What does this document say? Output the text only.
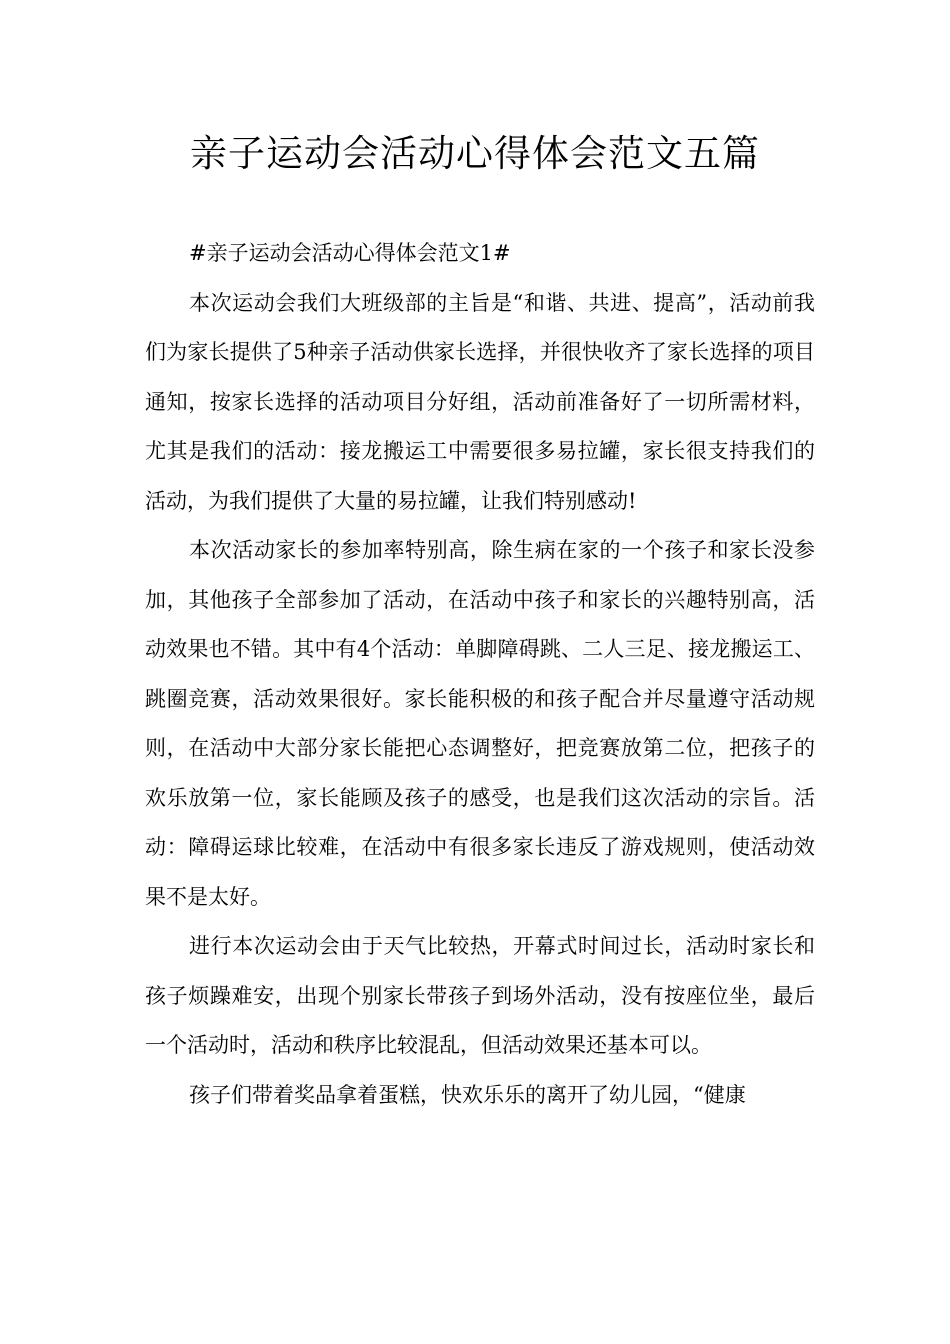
亲子运动会活动心得体会范文五篇

#亲子运动会活动心得体会范文1#

本次运动会我们大班级部的主旨是“和谐、共进、提高”，活动前我们为家长提供了5种亲子活动供家长选择，并很快收齐了家长选择的项目通知，按家长选择的活动项目分好组，活动前准备好了一切所需材料，尤其是我们的活动：接龙搬运工中需要很多易拉罐，家长很支持我们的活动，为我们提供了大量的易拉罐，让我们特别感动!

本次活动家长的参加率特别高，除生病在家的一个孩子和家长没参加，其他孩子全部参加了活动，在活动中孩子和家长的兴趣特别高，活动效果也不错。其中有4个活动：单脚障碍跳、二人三足、接龙搬运工、跳圈竞赛，活动效果很好。家长能积极的和孩子配合并尽量遵守活动规则，在活动中大部分家长能把心态调整好，把竞赛放第二位，把孩子的欢乐放第一位，家长能顾及孩子的感受，也是我们这次活动的宗旨。活动：障碍运球比较难，在活动中有很多家长违反了游戏规则，使活动效果不是太好。

进行本次运动会由于天气比较热，开幕式时间过长，活动时家长和孩子烦躁难安，出现个别家长带孩子到场外活动，没有按座位坐，最后一个活动时，活动和秩序比较混乱，但活动效果还基本可以。

孩子们带着奖品拿着蛋糕，快欢乐乐的离开了幼儿园，“健康
